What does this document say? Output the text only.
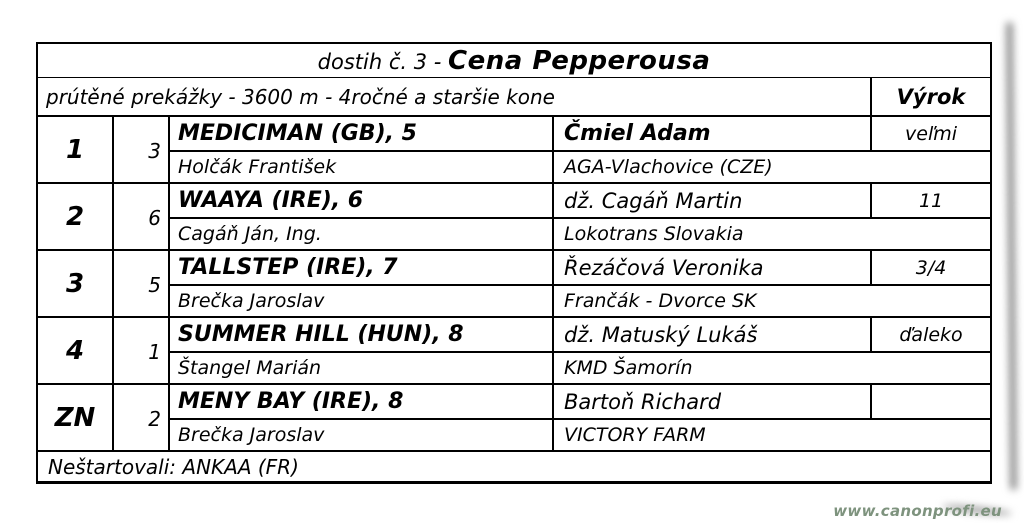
dostih č. 3 - Cena Pepperousa				
prútěné prekážky - 3600 m - 4ročné a staršie kone				Výrok
1	3	MEDICIMAN (GB), 5	Čmiel Adam	veľmi
		Holčák František	AGA-Vlachovice (CZE)	
2	6	WAAYA (IRE), 6	dž. Cagáň Martin	11
		Cagáň Ján, Ing.	Lokotrans Slovakia	
3	5	TALLSTEP (IRE), 7	Řezáčová Veronika	3/4
		Brečka Jaroslav	Frančák - Dvorce SK	
4	1	SUMMER HILL (HUN), 8	dž. Matuský Lukáš	ďaleko
		Štangel Marián	KMD Šamorín	
ZN	2	MENY BAY (IRE), 8	Bartoň Richard	
		Brečka Jaroslav	VICTORY FARM	
Neštartovali: ANKAA (FR)				
www.canonprofi.eu
